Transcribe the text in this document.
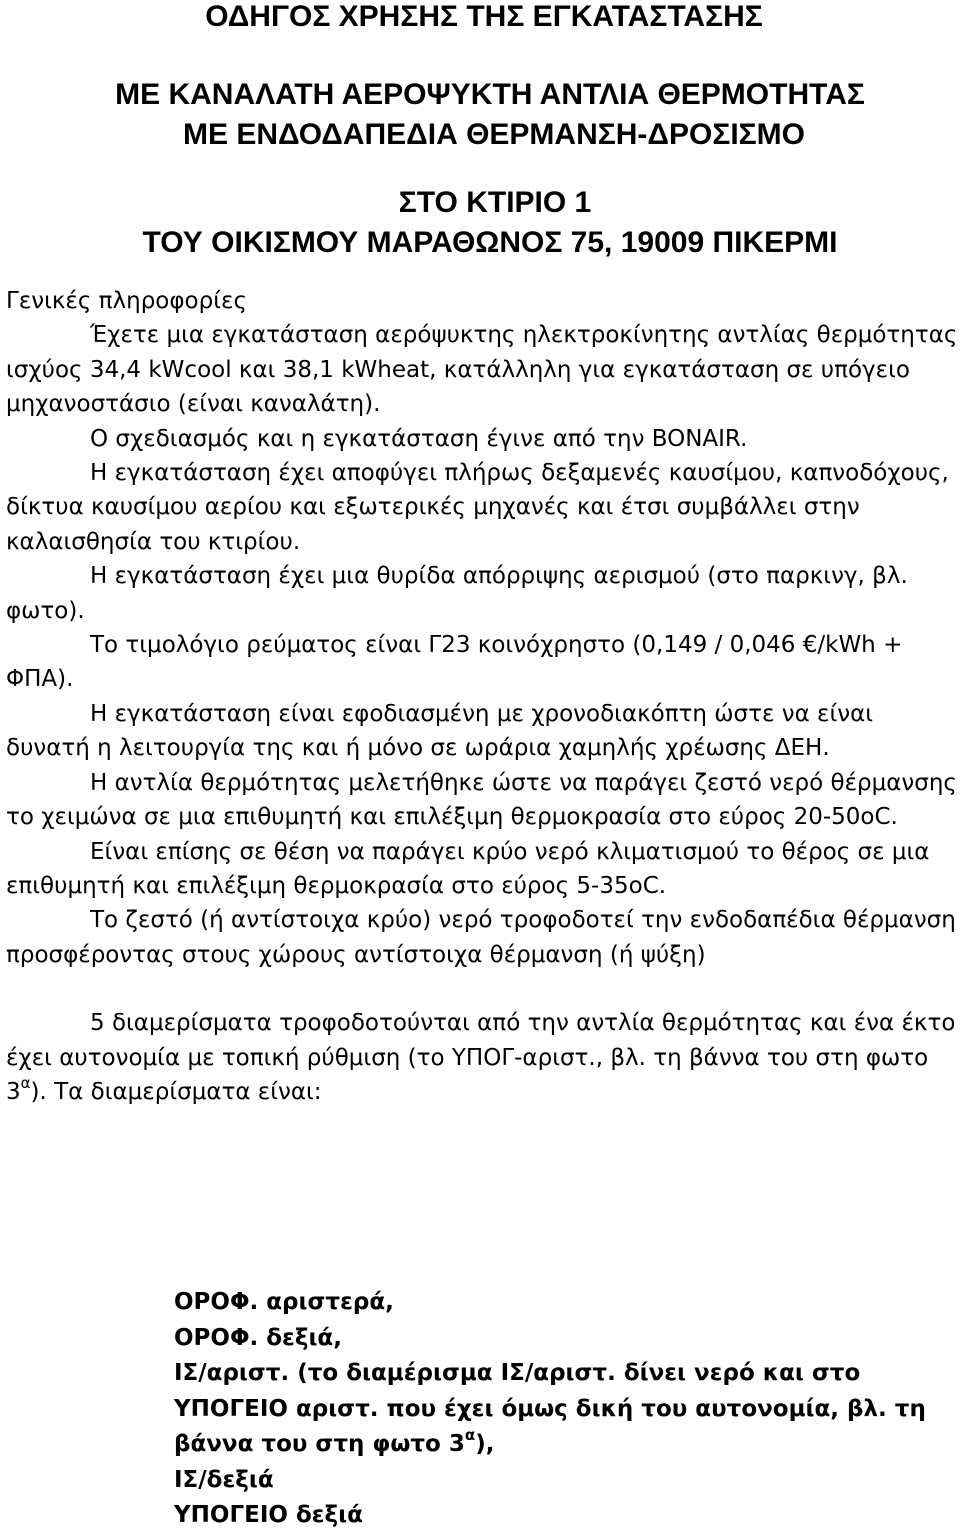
ΟΔΗΓΟΣ ΧΡΗΣΗΣ ΤΗΣ ΕΓΚΑΤΑΣΤΑΣΗΣ
ΜΕ ΚΑΝΑΛΑΤΗ ΑΕΡΟΨΥΚΤΗ ΑΝΤΛΙΑ ΘΕΡΜΟΤΗΤΑΣ
ΜΕ ΕΝΔΟΔΑΠΕΔΙΑ ΘΕΡΜΑΝΣΗ-ΔΡΟΣΙΣΜΟ
ΣΤΟ ΚΤΙΡΙΟ 1
ΤΟΥ ΟΙΚΙΣΜΟΥ ΜΑΡΑΘΩΝΟΣ 75, 19009 ΠΙΚΕΡΜΙ

Γενικές πληροφορίες

Έχετε μια εγκατάσταση αερόψυκτης ηλεκτροκίνητης αντλίας θερμότητας ισχύος 34,4 kWcool και 38,1 kWheat, κατάλληλη για εγκατάσταση σε υπόγειο μηχανοστάσιο (είναι καναλάτη).

Ο σχεδιασμός και η εγκατάσταση έγινε από την BONAIR.

Η εγκατάσταση έχει αποφύγει πλήρως δεξαμενές καυσίμου, καπνοδόχους, δίκτυα καυσίμου αερίου και εξωτερικές μηχανές και έτσι συμβάλλει στην καλαισθησία του κτιρίου.

Η εγκατάσταση έχει μια θυρίδα απόρριψης αερισμού (στο παρκινγ, βλ. φωτο).

Το τιμολόγιο ρεύματος είναι Γ23 κοινόχρηστο (0,149 / 0,046 €/kWh + ΦΠΑ).

Η εγκατάσταση είναι εφοδιασμένη με χρονοδιακόπτη ώστε να είναι δυνατή η λειτουργία της και ή μόνο σε ωράρια χαμηλής χρέωσης ΔΕΗ.

Η αντλία θερμότητας μελετήθηκε ώστε να παράγει ζεστό νερό θέρμανσης το χειμώνα σε μια επιθυμητή και επιλέξιμη θερμοκρασία στο εύρος 20-50oC.

Είναι επίσης σε θέση να παράγει κρύο νερό κλιματισμού το θέρος σε μια επιθυμητή και επιλέξιμη θερμοκρασία στο εύρος 5-35oC.

Το ζεστό (ή αντίστοιχα κρύο) νερό τροφοδοτεί την ενδοδαπέδια θέρμανση προσφέροντας στους χώρους αντίστοιχα θέρμανση (ή ψύξη)

5 διαμερίσματα τροφοδοτούνται από την αντλία θερμότητας και ένα έκτο έχει αυτονομία με τοπική ρύθμιση (το ΥΠΟΓ-αριστ., βλ. τη βάννα του στη φωτο $3^\alpha$). Τα διαμερίσματα είναι:

ΟΡΟΦ. αριστερά,

ΟΡΟΦ. δεξιά,

ΙΣ/αριστ. (το διαμέρισμα ΙΣ/αριστ. δίνει νερό και στο ΥΠΟΓΕΙΟ αριστ. που έχει όμως δική του αυτονομία, βλ. τη βάννα του στη φωτο $3^\alpha$),

ΙΣ/δεξιά

ΥΠΟΓΕΙΟ δεξιά
